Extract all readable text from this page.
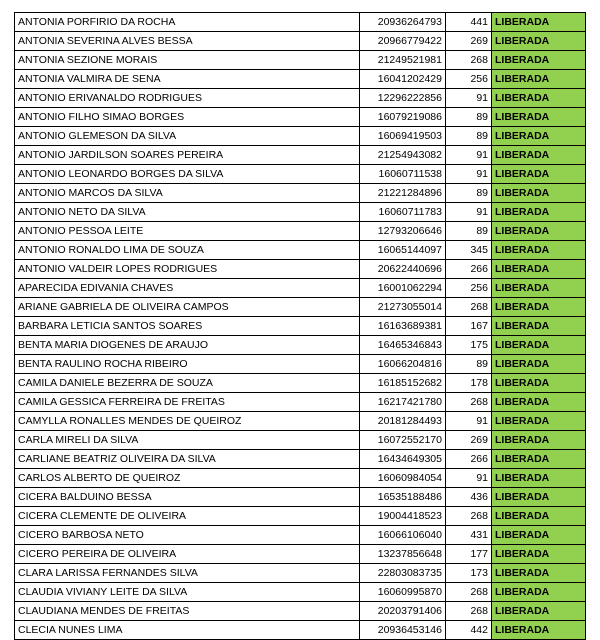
ANTONIA PORFIRIO DA ROCHA	20936264793	441	LIBERADA
ANTONIA SEVERINA ALVES BESSA	20966779422	269	LIBERADA
ANTONIA SEZIONE MORAIS	21249521981	268	LIBERADA
ANTONIA VALMIRA DE SENA	16041202429	256	LIBERADA
ANTONIO ERIVANALDO RODRIGUES	12296222856	91	LIBERADA
ANTONIO FILHO SIMAO BORGES	16079219086	89	LIBERADA
ANTONIO GLEMESON DA SILVA	16069419503	89	LIBERADA
ANTONIO JARDILSON SOARES PEREIRA	21254943082	91	LIBERADA
ANTONIO LEONARDO BORGES DA SILVA	16060711538	91	LIBERADA
ANTONIO MARCOS DA SILVA	21221284896	89	LIBERADA
ANTONIO NETO DA SILVA	16060711783	91	LIBERADA
ANTONIO PESSOA LEITE	12793206646	89	LIBERADA
ANTONIO RONALDO LIMA DE SOUZA	16065144097	345	LIBERADA
ANTONIO VALDEIR LOPES RODRIGUES	20622440696	266	LIBERADA
APARECIDA EDIVANIA CHAVES	16001062294	256	LIBERADA
ARIANE GABRIELA DE OLIVEIRA CAMPOS	21273055014	268	LIBERADA
BARBARA LETICIA SANTOS SOARES	16163689381	167	LIBERADA
BENTA MARIA DIOGENES DE ARAUJO	16465346843	175	LIBERADA
BENTA RAULINO ROCHA RIBEIRO	16066204816	89	LIBERADA
CAMILA DANIELE BEZERRA DE SOUZA	16185152682	178	LIBERADA
CAMILA GESSICA FERREIRA DE FREITAS	16217421780	268	LIBERADA
CAMYLLA RONALLES MENDES DE QUEIROZ	20181284493	91	LIBERADA
CARLA MIRELI DA SILVA	16072552170	269	LIBERADA
CARLIANE BEATRIZ OLIVEIRA DA SILVA	16434649305	266	LIBERADA
CARLOS ALBERTO DE QUEIROZ	16060984054	91	LIBERADA
CICERA BALDUINO BESSA	16535188486	436	LIBERADA
CICERA CLEMENTE DE OLIVEIRA	19004418523	268	LIBERADA
CICERO BARBOSA NETO	16066106040	431	LIBERADA
CICERO PEREIRA DE OLIVEIRA	13237856648	177	LIBERADA
CLARA LARISSA FERNANDES SILVA	22803083735	173	LIBERADA
CLAUDIA VIVIANY LEITE DA SILVA	16060995870	268	LIBERADA
CLAUDIANA MENDES DE FREITAS	20203791406	268	LIBERADA
CLECIA NUNES LIMA	20936453146	442	LIBERADA
